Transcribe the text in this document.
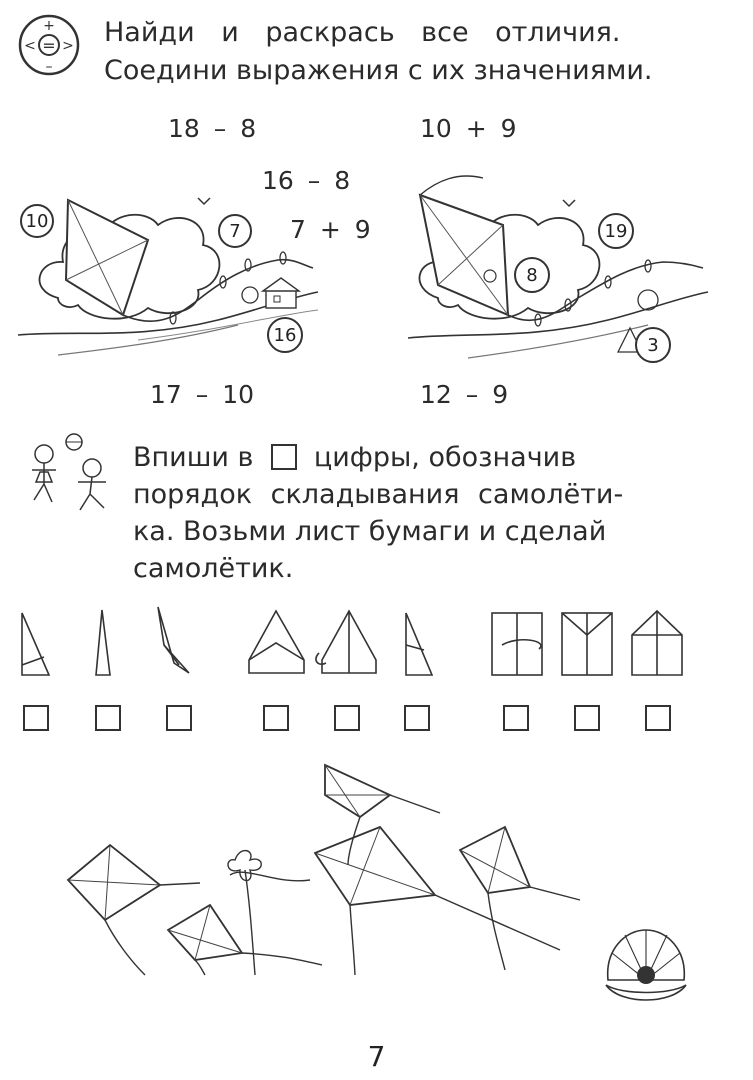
=
+
–
< > Найди и раскрась все отличия.
Соедини выражения с их значениями.
18 – 8	10 + 9
16 – 8
7 + 9
17 – 10	12 – 9
10	7
16
19
8
3
Впиши в цифры, обозначив
порядок складывания самолёти-
ка. Возьми лист бумаги и сделай
самолётик.
7
